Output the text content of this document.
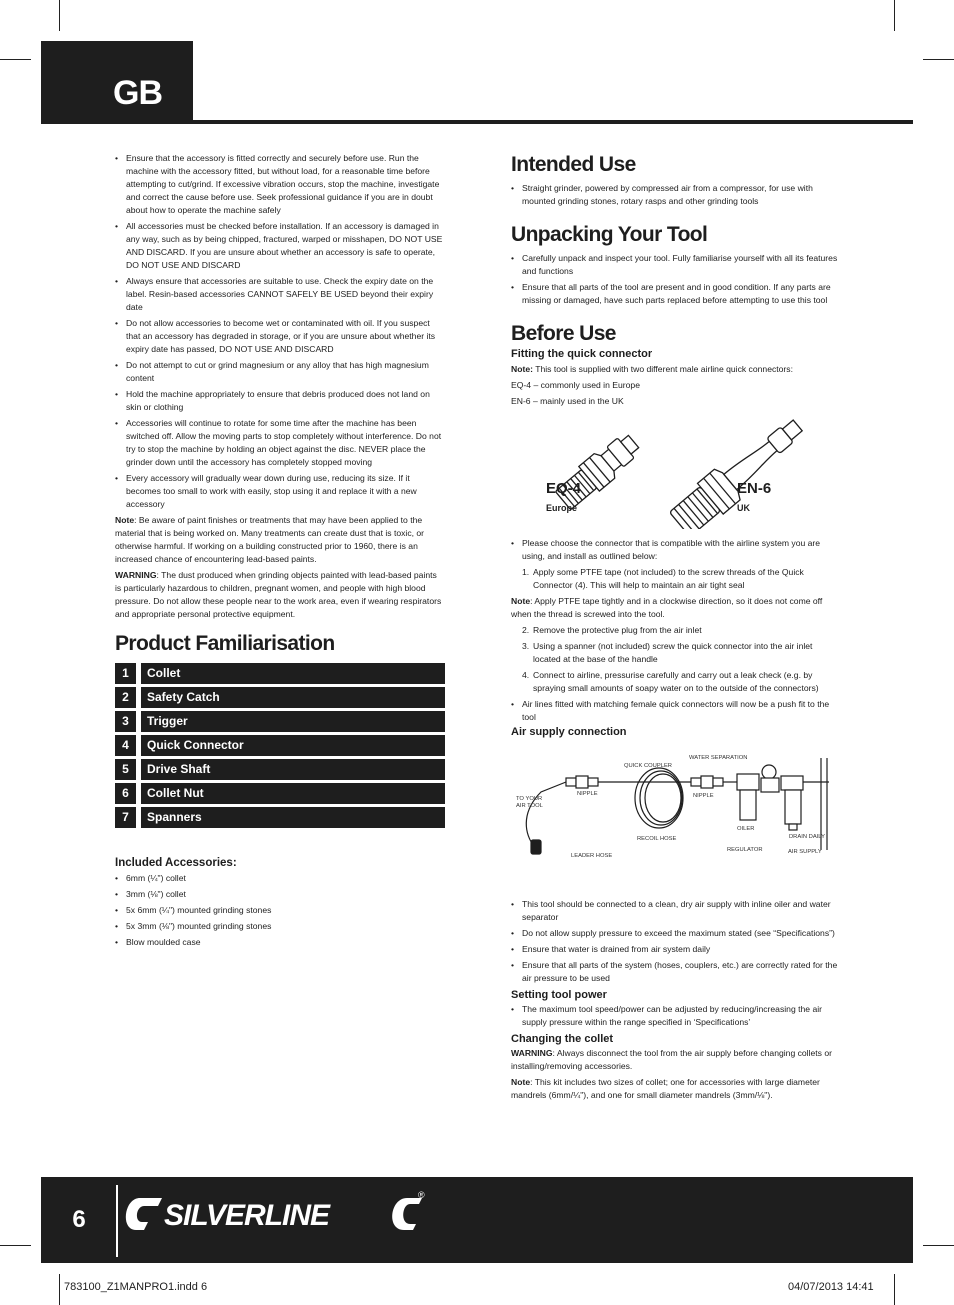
GB
• Ensure that the accessory is fitted correctly and securely before use. Run the machine with the accessory fitted, but without load, for a reasonable time before attempting to cut/grind. If excessive vibration occurs, stop the machine, investigate and correct the cause before use. Seek professional guidance if you are in doubt about how to operate the machine safely
• All accessories must be checked before installation. If an accessory is damaged in any way, such as by being chipped, fractured, warped or misshapen, DO NOT USE AND DISCARD. If you are unsure about whether an accessory is safe to operate, DO NOT USE AND DISCARD
• Always ensure that accessories are suitable to use. Check the expiry date on the label. Resin-based accessories CANNOT SAFELY BE USED beyond their expiry date
• Do not allow accessories to become wet or contaminated with oil. If you suspect that an accessory has degraded in storage, or if you are unsure about whether its expiry date has passed, DO NOT USE AND DISCARD
• Do not attempt to cut or grind magnesium or any alloy that has high magnesium content
• Hold the machine appropriately to ensure that debris produced does not land on skin or clothing
• Accessories will continue to rotate for some time after the machine has been switched off. Allow the moving parts to stop completely without interference. Do not try to stop the machine by holding an object against the disc. NEVER place the grinder down until the accessory has completely stopped moving
• Every accessory will gradually wear down during use, reducing its size. If it becomes too small to work with easily, stop using it and replace it with a new accessory

Note: Be aware of paint finishes or treatments that may have been applied to the material that is being worked on. Many treatments can create dust that is toxic, or otherwise harmful. If working on a building constructed prior to 1960, there is an increased chance of encountering lead-based paints.

WARNING: The dust produced when grinding objects painted with lead-based paints is particularly hazardous to children, pregnant women, and people with high blood pressure. Do not allow these people near to the work area, even if wearing respirators and appropriate personal protective equipment.

Product Familiarisation
1	Collet
2	Safety Catch
3	Trigger
4	Quick Connector
5	Drive Shaft
6	Collet Nut
7	Spanners
Included Accessories:
• 6mm (¼") collet
• 3mm (⅛") collet
• 5x 6mm (¼") mounted grinding stones
• 5x 3mm (⅛") mounted grinding stones
• Blow moulded case
Intended Use
• Straight grinder, powered by compressed air from a compressor, for use with mounted grinding stones, rotary rasps and other grinding tools
Unpacking Your Tool
• Carefully unpack and inspect your tool. Fully familiarise yourself with all its features and functions
• Ensure that all parts of the tool are present and in good condition. If any parts are missing or damaged, have such parts replaced before attempting to use this tool
Before Use
Fitting the quick connector

Note: This tool is supplied with two different male airline quick connectors:

EQ-4 – commonly used in Europe

EN-6 – mainly used in the UK

EQ-4
Europe
EN-6
UK
• Please choose the connector that is compatible with the airline system you are using, and install as outlined below:
1. Apply some PTFE tape (not included) to the screw threads of the Quick Connector (4). This will help to maintain an air tight seal

Note: Apply PTFE tape tightly and in a clockwise direction, so it does not come off when the thread is screwed into the tool.

2. Remove the protective plug from the air inlet
3. Using a spanner (not included) screw the quick connector into the air inlet located at the base of the handle
4. Connect to airline, pressurise carefully and carry out a leak check (e.g. by spraying small amounts of soapy water on to the outside of the connectors)
• Air lines fitted with matching female quick connectors will now be a push fit to the tool
Air supply connection
TO YOUR
AIR TOOL
NIPPLE
QUICK COUPLER
NIPPLE
WATER SEPARATION
OILER
DRAIN DAILY
RECOIL HOSE
LEADER HOSE
REGULATOR	AIR SUPPLY
• This tool should be connected to a clean, dry air supply with inline oiler and water separator
• Do not allow supply pressure to exceed the maximum stated (see “Specifications”)
• Ensure that water is drained from air system daily
• Ensure that all parts of the system (hoses, couplers, etc.) are correctly rated for the air pressure to be used
Setting tool power
• The maximum tool speed/power can be adjusted by reducing/increasing the air supply pressure within the range specified in ‘Specifications’
Changing the collet

WARNING: Always disconnect the tool from the air supply before changing collets or installing/removing accessories.

Note: This kit includes two sizes of collet; one for accessories with large diameter mandrels (6mm/¼"), and one for small diameter mandrels (3mm/⅛").

6	SILVERLINE
®
783100_Z1MANPRO1.indd 6	04/07/2013 14:41
